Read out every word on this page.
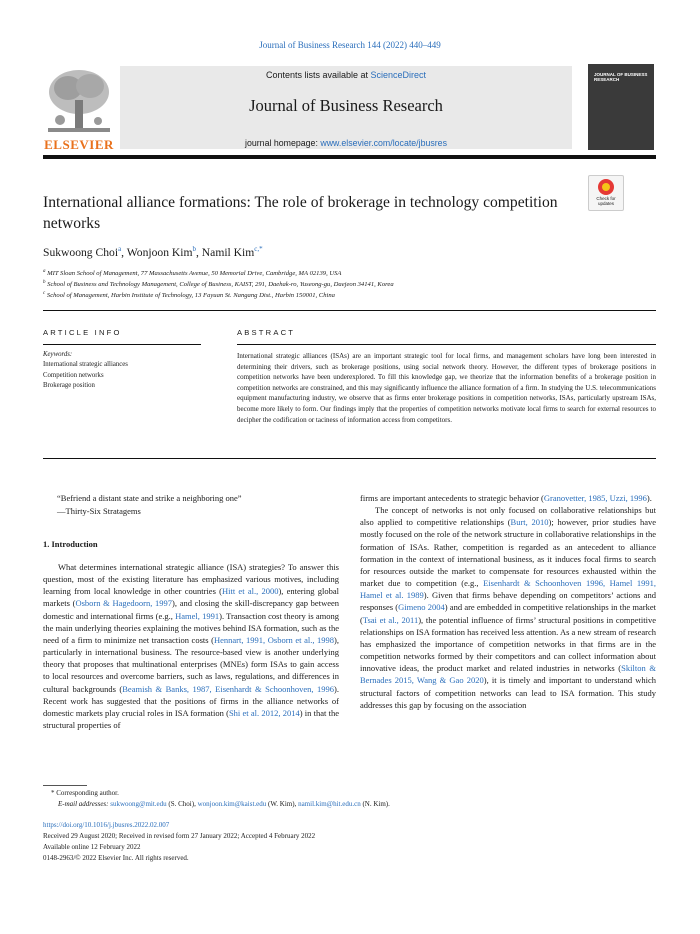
Journal of Business Research 144 (2022) 440–449
ELSEVIER
Contents lists available at ScienceDirect
Journal of Business Research
journal homepage: www.elsevier.com/locate/jbusres
JOURNAL OF BUSINESS RESEARCH
Check for updates
International alliance formations: The role of brokerage in technology competition networks
Sukwoong Choi$^a$, Wonjoon Kim$^b$, Namil Kim$^{c,*}$
$^a$ MIT Sloan School of Management, 77 Massachusetts Avenue, 50 Memorial Drive, Cambridge, MA 02139, USA
$^b$ School of Business and Technology Management, College of Business, KAIST, 291, Daehak-ro, Yuseong-gu, Daejeon 34141, Korea
$^c$ School of Management, Harbin Institute of Technology, 13 Fayuan St. Nangang Dist., Harbin 150001, China
ARTICLE INFO	ABSTRACT
Keywords:
International strategic alliances
Competition networks
Brokerage position
International strategic alliances (ISAs) are an important strategic tool for local firms, and management scholars have long been interested in determining their drivers, such as brokerage positions, using social network theory. However, the different types of brokerage positions in competition networks have been underexplored. To fill this knowledge gap, we theorize that the information benefits of a brokerage position in competition networks are constrained, and this may significantly influence the alliance formation of a firm. In studying the U.S. telecommunications equipment manufacturing industry, we observe that as firms enter brokerage positions in competition networks, ISAs, particularly upstream ISAs, become more likely to form. Our findings imply that the properties of competition networks motivate local firms to search for external resources to decipher the codification or taciness of information access from competitors.
“Befriend a distant state and strike a neighboring one”
—Thirty-Six Stratagems
1. Introduction

What determines international strategic alliance (ISA) strategies? To answer this question, most of the existing literature has emphasized various motives, including learning from local knowledge in other countries (Hitt et al., 2000), entering global markets (Osborn & Hagedoorn, 1997), and closing the skill-discrepancy gap between domestic and international firms (e.g., Hamel, 1991). Transaction cost theory is among the main underlying theories explaining the motives behind ISA formation, such as the need of a firm to minimize net transaction costs (Hennart, 1991, Osborn et al., 1998), particularly in international business. The resource-based view is another underlying theory that proposes that multinational enterprises (MNEs) form ISAs to gain access to local resources and overcome barriers, such as laws, regulations, and differences in cultural backgrounds (Beamish & Banks, 1987, Eisenhardt & Schoonhoven, 1996). Recent work has suggested that the positions of firms in the alliance networks of domestic markets play crucial roles in ISA formation (Shi et al. 2012, 2014) in that the structural properties of

firms are important antecedents to strategic behavior (Granovetter, 1985, Uzzi, 1996).

The concept of networks is not only focused on collaborative relationships but also applied to competitive relationships (Burt, 2010); however, prior studies have mostly focused on the role of the network structure in collaborative relationships in the formation of ISAs. Rather, competition is regarded as an antecedent to alliance formation in the context of international business, as it induces focal firms to search for resources outside the market to compensate for resources exhausted within the market due to competition (e.g., Eisenhardt & Schoonhoven 1996, Hamel 1991, Hamel et al. 1989). Given that firms behave depending on competitors’ actions and responses (Gimeno 2004) and are embedded in competitive relationships in the market (Tsai et al., 2011), the potential influence of firms’ structural positions in competitive relationships on ISA formation has received less attention. As a new stream of research has emphasized the importance of competition networks in that firms are in the competition networks formed by their competitors and can collect information about innovative ideas, the product market and related industries in networks (Skilton & Bernades 2015, Wang & Gao 2020), it is timely and important to understand which structural factors of competition networks can lead to ISA formation. This study addresses this gap by focusing on the association

* Corresponding author.
E-mail addresses: sukwoong@mit.edu (S. Choi), wonjoon.kim@kaist.edu (W. Kim), namil.kim@hit.edu.cn (N. Kim).
https://doi.org/10.1016/j.jbusres.2022.02.007
Received 29 August 2020; Received in revised form 27 January 2022; Accepted 4 February 2022
Available online 12 February 2022
0148-2963/© 2022 Elsevier Inc. All rights reserved.
